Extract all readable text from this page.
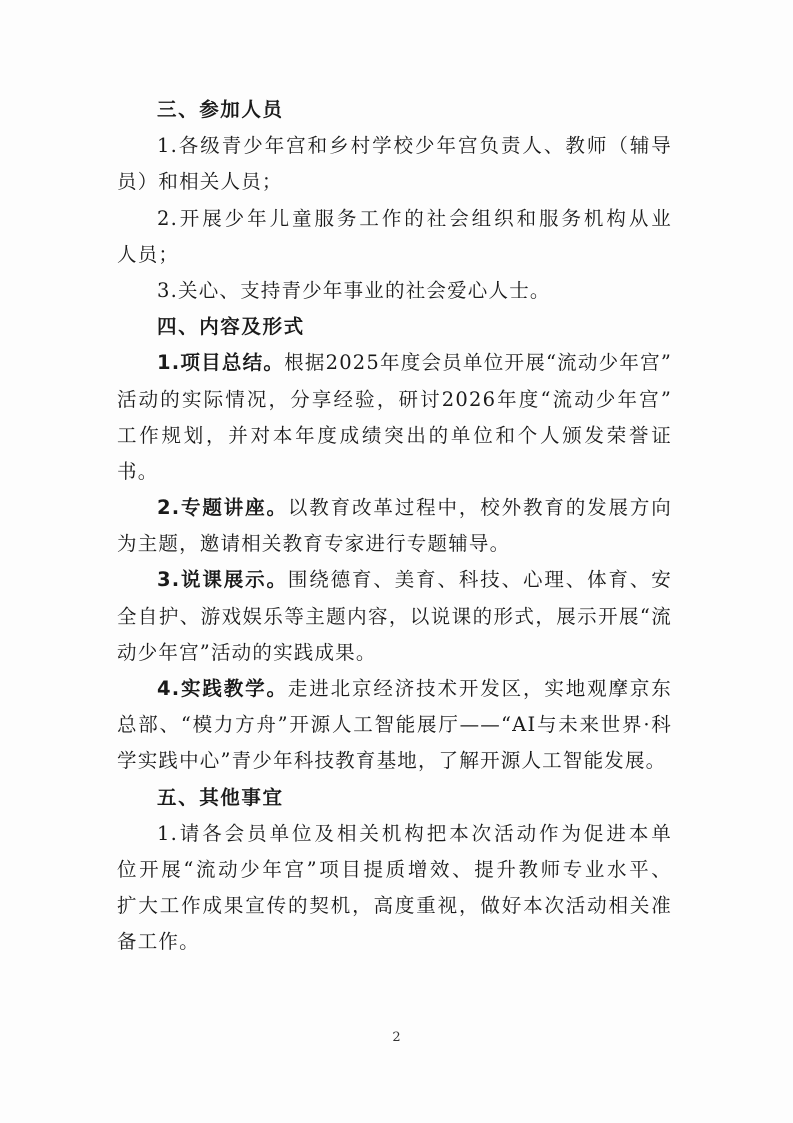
三、参加人员
1.各级青少年宫和乡村学校少年宫负责人、教师（辅导
员）和相关人员；
2.开展少年儿童服务工作的社会组织和服务机构从业
人员；
3.关心、支持青少年事业的社会爱心人士。
四、内容及形式
1.项目总结。根据2025年度会员单位开展“流动少年宫”
活动的实际情况，分享经验，研讨2026年度“流动少年宫”
工作规划，并对本年度成绩突出的单位和个人颁发荣誉证
书。
2.专题讲座。以教育改革过程中，校外教育的发展方向
为主题，邀请相关教育专家进行专题辅导。
3.说课展示。围绕德育、美育、科技、心理、体育、安
全自护、游戏娱乐等主题内容，以说课的形式，展示开展“流
动少年宫”活动的实践成果。
4.实践教学。走进北京经济技术开发区，实地观摩京东
总部、“模力方舟”开源人工智能展厅——“AI与未来世界·科
学实践中心”青少年科技教育基地，了解开源人工智能发展。
五、其他事宜
1.请各会员单位及相关机构把本次活动作为促进本单
位开展“流动少年宫”项目提质增效、提升教师专业水平、
扩大工作成果宣传的契机，高度重视，做好本次活动相关准
备工作。
2
